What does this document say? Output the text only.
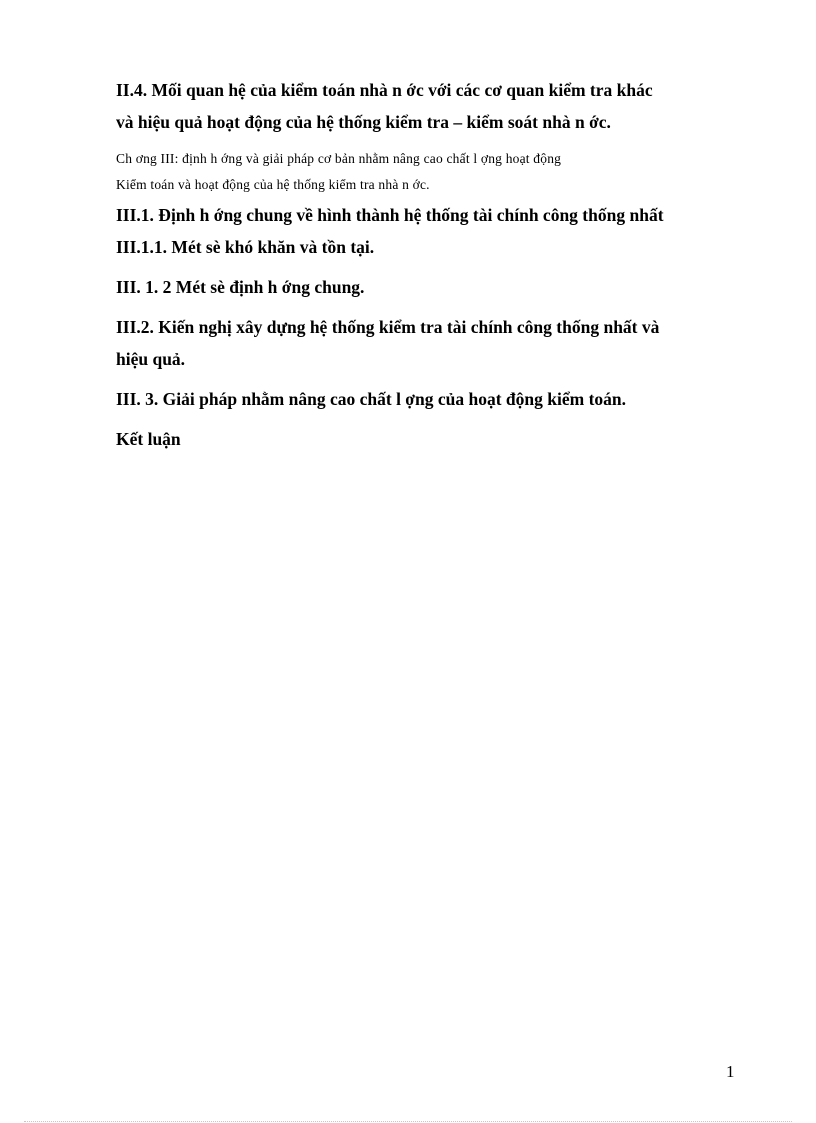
II.4. Mối quan hệ của kiểm toán nhà n ớc với các cơ quan kiểm tra khác

và hiệu quả hoạt động của hệ thống kiểm tra – kiểm soát nhà n ớc.

Ch ơng III: định h ớng và giải pháp cơ bản nhằm nâng cao chất l ợng hoạt động

Kiểm toán và hoạt động của hệ thống kiểm tra nhà n ớc.

III.1. Định h ớng chung về hình thành hệ thống tài chính công thống nhất

III.1.1. Mét sè khó khăn và tồn tại.

III. 1. 2 Mét sè định h ớng chung.

III.2. Kiến nghị xây dựng hệ thống kiểm tra tài chính công thống nhất và

hiệu quả.

III. 3. Giải pháp nhằm nâng cao chất l ợng của hoạt động kiểm toán.

Kết luận

1
